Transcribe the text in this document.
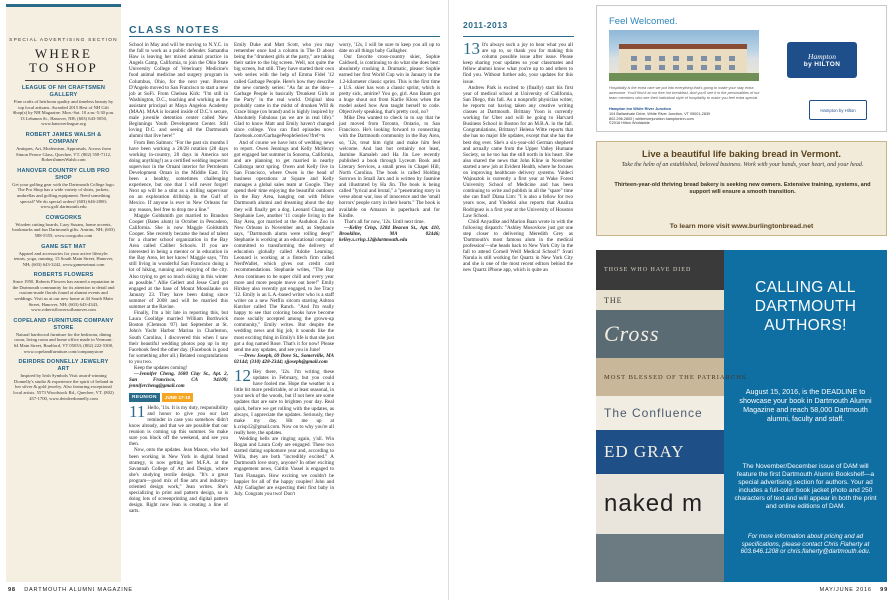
SPECIAL ADVERTISING SECTION
WHERE TO SHOP
LEAGUE OF NH CRAFTSMEN GALLERY
Fine crafts of heirloom quality and timeless beauty by top local artisans. Awarded 2015 Best of NH Gift Shop(s) by NH Magazine. Mon.-Sat. 10 a.m.-5:30 p.m. 13 Lebanon St., Hanover, NH; (603) 643-5050, www.hanoverleague.org
ROBERT JAMES WALSH & COMPANY
Antiques, Art, Modernism, Appraisals. Across from Simon Pearce Glass, Quechee, VT. (802) 558-7112, RobertJamesWalsh.com
HANOVER COUNTRY CLUB PRO SHOP
Get your golfing gear with the Dartmouth College logo. The Pro Shop has a wide variety of shirts, jackets, umbrellas and golfing equipment. Need something special? We do special orders! (603) 646-2000; www.golf.dartmouth.edu
COWGORKS
Wooden cutting boards, Lazy Susans, home accents, bookmarks and fun Dartmouth gifts. Antrim, NH; (603) 588-5555; www.cowgorks.com
GAME SET MAT
Apparel and accessories for your active lifestyle: tennis, yoga, running. 15 South Main Street, Hanover, NH; (603) 643-3242, www.gamesetmat.com
ROBERTS FLOWERS
Since 1950, Roberts Flowers has earned a reputation in the Dartmouth community for its attention to detail and custom-made florals found at alumni events and weddings. Visit us at our new home at 44 South Main Street, Hanover, NH; (603) 643-4343, www.robertsflowersofhanover.com
COPELAND FURNITURE COMPANY STORE
Natural hardwood furniture for the bedroom, dining room, living room and home office made in Vermont. 64 Main Street, Bradford, VT 05033; (802) 222-5300, www.copelandfurniture.com/companystore
DEIRDRE DONNELLY JEWELRY ART
Inspired by Irish Symbols Visit award-winning Donnelly's studio & experience the spirit of Ireland in her silver & gold jewelry. Also featuring exceptional local artists. 5573 Woodstock Rd., Quechee, VT. (802) 457-1700, www.deirdredonnelly.com
CLASS NOTES

School in May and will be moving to N.Y.C. in the fall to work as a public defender. Samantha Haw is leaving her mixed animal practice in Angels Camp, California, to join the Ohio State University College of Veterinary Medicine's food animal medicine and surgery program in Columbus, Ohio, for the next year. Brevan D'Angelo moved to San Francisco to start a new job at SoFi. From Chelsea Kirk: "I'm still in Washington, D.C., teaching and working as the assistant principal at Maya Angelou Academy (MAA). MAA is located inside of D.C.'s secure, male juvenile detention center called New Beginnings Youth Development Center. Still loving D.C. and seeing all the Dartmouth alumni that live here!"

From Ben Salmon: "For the past six months I have been working a 28/28 rotation (28 days working in-country, 28 days in America not doing anything!) as a certified welding inspector supervisor in the Ornani interior for Petroleum Development Oman in the Middle East. It's been a healthy, sometimes challenging experience, but one that I will never forget! Next up will be a stint as a drilling supervisor on an exploration drillship in the Gulf of Mexico. If anyone is ever in New Orleans for any reason, feel free to drop me a line."

Maggie Goldsmith got married to Brandon Cooper (Bates alum) in October in Pescadero, California. She is now Maggie Goldsmith Cooper. She recently became the head of talent for a charter school organization in the Bay Area called Caliber Schools. If you are interested in being a mentor or in education in the Bay Area, let her know! Maggie says, "I'm still living in wonderful San Francisco doing a lot of hiking, running and enjoying of the city. Also trying to get so much skiing in this winter as possible." Allie Gellert and Jesse Card got engaged at the base of Mount Moosilauke on January 23. They have been dating since summer of 2008 and will be married this summer at the Ravine.

Finally, I'm a bit late in reporting this, but Laura Coolidge married William Borthwick Boston (Clemson '07) last September at St. John's Yacht Harbor Marina in Charleston, South Carolina. I discovered this when I saw their beautiful wedding photos pop up in my Facebook feed the other day. (Facebook is good for something after all.) Belated congratulations to you two.

Keep the updates coming!

—Jennifer Cheng, 1680 Clay St., Apt. 2, San Francisco, CA 94109; jennifercheng@gmail.com

REUNION	JUNE 17-19

11 Hello, '11s. It is my duty, responsibility and honor to give you our last reminder in case you somehow didn't know already, and that we are possible that our reunion is coming up this summer. So make sure you block off the weekend, and see you then.

Now, onto the updates. Jean Mason, who had been working in New York in digital brand strategy, is now getting her M.F.A. at the Savannah College of Art and Design, where she's studying textile design. "It's a great program—good mix of fine arts and industry-oriented design work," Jean writes. She's specializing in print and pattern design, so is doing lots of screenprinting and digital pattern design. Right now Jean is creating a line of sarts.

Emily Duke and Matt Scott, who you may remember once had a column in The D about being the "drunkest girls at the party," are taking their satire to the big screen. Well, not quite the big screen, but still. They have started their own web series with the help of Emma Fidel '12 called Garbage People. Here's how they describe the new comedy series: "As far as the idea—Garbage People is basically 'Drunkest Girls at the Party' in the real world. Original idea probably came in the midst of drunken Will & Grace binge (on brand) and is highly inspired by Absolutely Fabulous (as we are in real life)." Glad to know Matt and Emily haven't changed since college. You can find episodes now: facebook.com/GarbagePeopleSeries/?fref=ts

And of course we have lots of wedding news to report. Owen Jennings and Kelly McHenry got engaged last summer in Sonoma, California, and are planning to get married in nearby Calistoga next spring. Owen and Kelly live in San Francisco, where Owen is the head of business operations at Square and Kelly manages a global sales team at Google. They spend their time enjoying the beautiful outdoors in the Bay Area, hanging out with fellow Dartmouth alumni and dreaming about the day they will finally get a dog. Leonard Chang and Stephanie Lee, another '11 couple living in the Bay Area, got married at the Audubon Zoo in New Orleans in November and, as Stephanie says, "Dartmouth alums were rolling deep!" Stephanie is working at an educational company committed to transforming the delivery of education globally called Adobe Learning. Leonard is working at a fintech firm called NerdWallet, which gives out credit card recommendations. Stephanie writes, "The Bay Area continues to be super chill and every year more and more people move out here!" Emily Hirshey also recently got engaged, to Joe Tracy '12. Emily is an L.A.-based writer who is a staff writer on a new Netflix sitcom starring Ashton Kutcher called The Ranch. "And I'm really happy to see that coloring books have become more socially accepted among the grown-up community," Emily writes. But despite the wedding news and big job, it sounds like the most exciting thing in Emily's life is that she just got a dog named Rose. That's it for now! Please send me any updates, and see you in June!

—Drew Joseph, 69 Dove St., Somerville, MA 02144; (310) 428-2344; sjjoseph@gmail.com

12 Hey there, '12s. I'm writing these updates in February, but you could have fooled me. Hope the weather is a little bit more predictable, or at least seasonal, in your neck of the woods, but if not here are some updates that are sure to brighten your day. Real quick, before we get rolling with the updates, as always, I appreciate the updates. Seriously, they make my day. Hit me up at k.crisp12@gmail.com. Now on to why you're all really here, the updates.

Wedding bells are ringing again, y'all. Win Rogan and Laura Cody are engaged. These two started dating sophomore year and, according to Willa, they are both "incredibly excited." A Dartmouth love story, anyone? In other exciting engagement news, Caitlin Vassel is engaged to Tom Flanagan. How exciting we couldn't be happier for all of the happy couples! John and Ally Gallagher are expecting their first baby in July. Congrats you two! Don't

worry, '12s, I will be sure to keep you all up to date on all things baby Gallagher.

Our favorite cross-country skier, Sophie Caldwell, is continuing to do what she does best: absolutely crushing it. Dramatic, please: Sophie earned her first World Cup win in January in the 1.2-kilometer classic sprint. This is the first time a U.S. skier has won a classic sprint, which is pretty sick, amirite? You go, girl. Ann Baum got a huge shout out from Karlie Kloss when the model asked how Ann taught herself to code. Objectively speaking, that's pretty cool, no?

Mike Dea wanted to check in to say that he just moved from Toronto, Ontario, to San Francisco. He's looking forward to connecting with the Dartmouth community in the Bay Area, so, '12s, treat him right and make him feel welcome. And last but certainly not least, Jasmine Kamaleh and Ha Jin Lee recently published a book through Lyceum Book and Literary Services, a small press in Chapel Hill, North Carolina. The book is called Holding Sorrows in Small Jars and is written by Jasmine and illustrated by Ha Jin. The book is being called "lyrical and brutal," a "penetrating story in verse about war, loss of innocence and the 'small horrors' people carry in their hearts." The book is available on Amazon in paperback and for Kindle.

That's all for now, '12s. Until next time.

—Kelley Crisp, 1284 Beacon St., Apt. 410, Brookline, MA 02446; kelley.s.crisp.12@dartmouth.edu

2011-2013

13 It's always such a joy to hear what you all are up to, so thank you for making this column possible issue after issue. Please keep sharing your updates so your classmates and fellow alumni know what you're up to and others to find you. Without further ado, your updates for this issue.

Andrew Park is excited to (finally) start his first year of medical school at University of California, San Diego, this fall. As a nonprofit physician writer, he reports not having taken any creative writing classes at Dartmouth. Brittany Yoon is currently working for Uber and will be going to Harvard Business School in Boston for an M.B.A. in the fall. Congratulations, Brittany! Helena Witte reports that she has no major life updates, except that she has the best dog ever. She's a six-year-old German shepherd and actually came from the Upper Valley Humane Society, so he too has the still north in his heart. She also shared the news that John Kline in November started a new job at Evident Health, where he focuses on improving healthcare delivery systems. Valdeci Wajnsztok is currently a first year at Wake Forest University School of Medicine and has been continuing to write and publish in all the "spare" time she can find! Diana Lim: "I is also a fellow for two years now, and Vindekó also reports that Analiza Rodriguez is a first year at the University of Houston Law School.

Chidi Anyadike and Marion Baan wrote in with the following dispatch: "Ashley Mosovkow just got one step closer to delivering Meredith Grey as 'Dartmouth's most famous alum in the medical profession'—she heads back to New York City in the fall to attend Cornell Weill Medical School!" Svati Narula is still working for Quartz in New York City and she is one of the most recent editors behind the new Quartz iPhone app, which is quite an

Feel Welcomed.
Hampton
by HILTON
Hospitality is the extra care we put into everything that's going to make your stay extra awesome. You'll find it at our free hot breakfast. And you'll see it in the personalities of our team members who see their individual style of hospitality to make you feel extra special.
Hampton Inn White River Junction
104 Ballardvale Drive, White River Junction, VT 05001-2830
802.296.2800 | whiteriverjunction.hamptoninn.com
©2016 Hilton Worldwide
Hampton by Hilton
Live a beautiful life baking bread in Vermont.
Take the helm of an established, beloved business. Work with your hands, your heart, and your head.
Thirteen-year-old thriving bread bakery is seeking new owners. Extensive training, systems, and support will ensure a smooth transition.
To learn more visit www.burlingtonbread.net
THOSE WHO HAVE DIED
THE
Cross
MOST BLESSED OF THE PATRIARCHS
The Confluence
ED GRAY
naked m
CALLING ALL DARTMOUTH AUTHORS!
August 15, 2016, is the DEADLINE to showcase your book in Dartmouth Alumni Magazine and reach 58,000 Dartmouth alumni, faculty and staff.
The November/December issue of DAM will feature the first Dartmouth Alumni Bookshelf—a special advertising section for authors. Your ad includes a full-color book jacket photo and 250 characters of text and will appear in both the print and online editions of DAM.
For more information about pricing and ad specifications, please contact Chris Flaherty at 603.646.1208 or chris.flaherty@dartmouth.edu.
98 DARTMOUTH ALUMNI MAGAZINE	MAY/JUNE 2016 99
